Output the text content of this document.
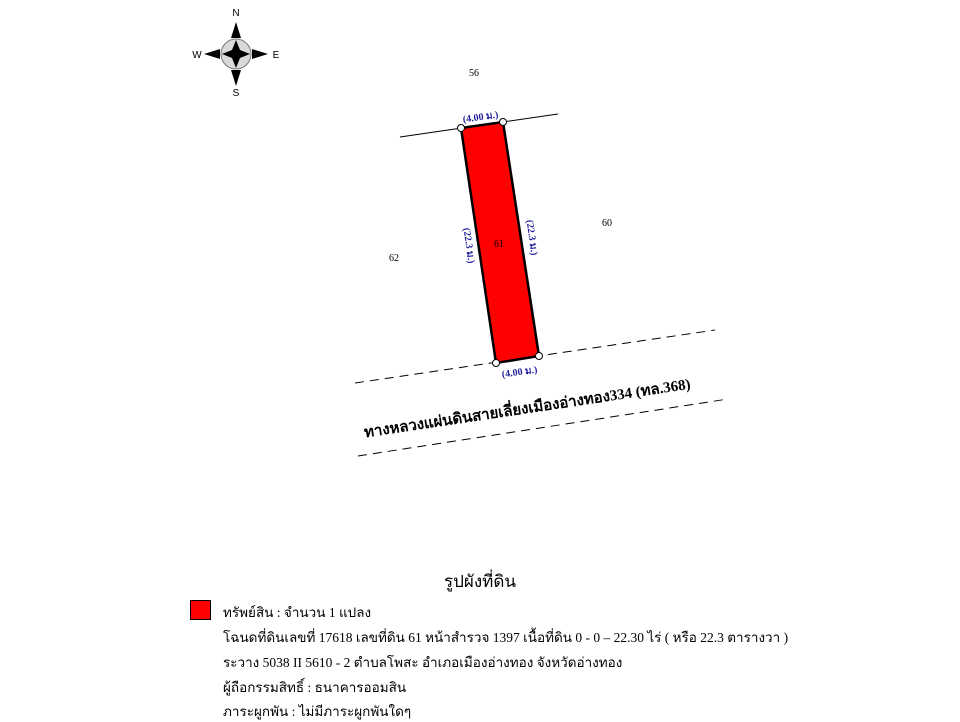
N
S
E
W
56
60
62
61
(4.00 ม.)
(4.00 ม.)
(22.3 ม.)	(22.3 ม.)
ทางหลวงแผ่นดินสายเลี่ยงเมืองอ่างทอง334 (ทล.368)
รูปผังที่ดิน
ทรัพย์สิน : จำนวน 1 แปลง
โฉนดที่ดินเลขที่ 17618 เลขที่ดิน 61 หน้าสำรวจ 1397 เนื้อที่ดิน 0 - 0 – 22.30 ไร่ ( หรือ 22.3 ตารางวา )
ระวาง 5038 II 5610 - 2 ตำบลโพสะ อำเภอเมืองอ่างทอง จังหวัดอ่างทอง
ผู้ถือกรรมสิทธิ์ : ธนาคารออมสิน
ภาระผูกพัน : ไม่มีภาระผูกพันใดๆ
